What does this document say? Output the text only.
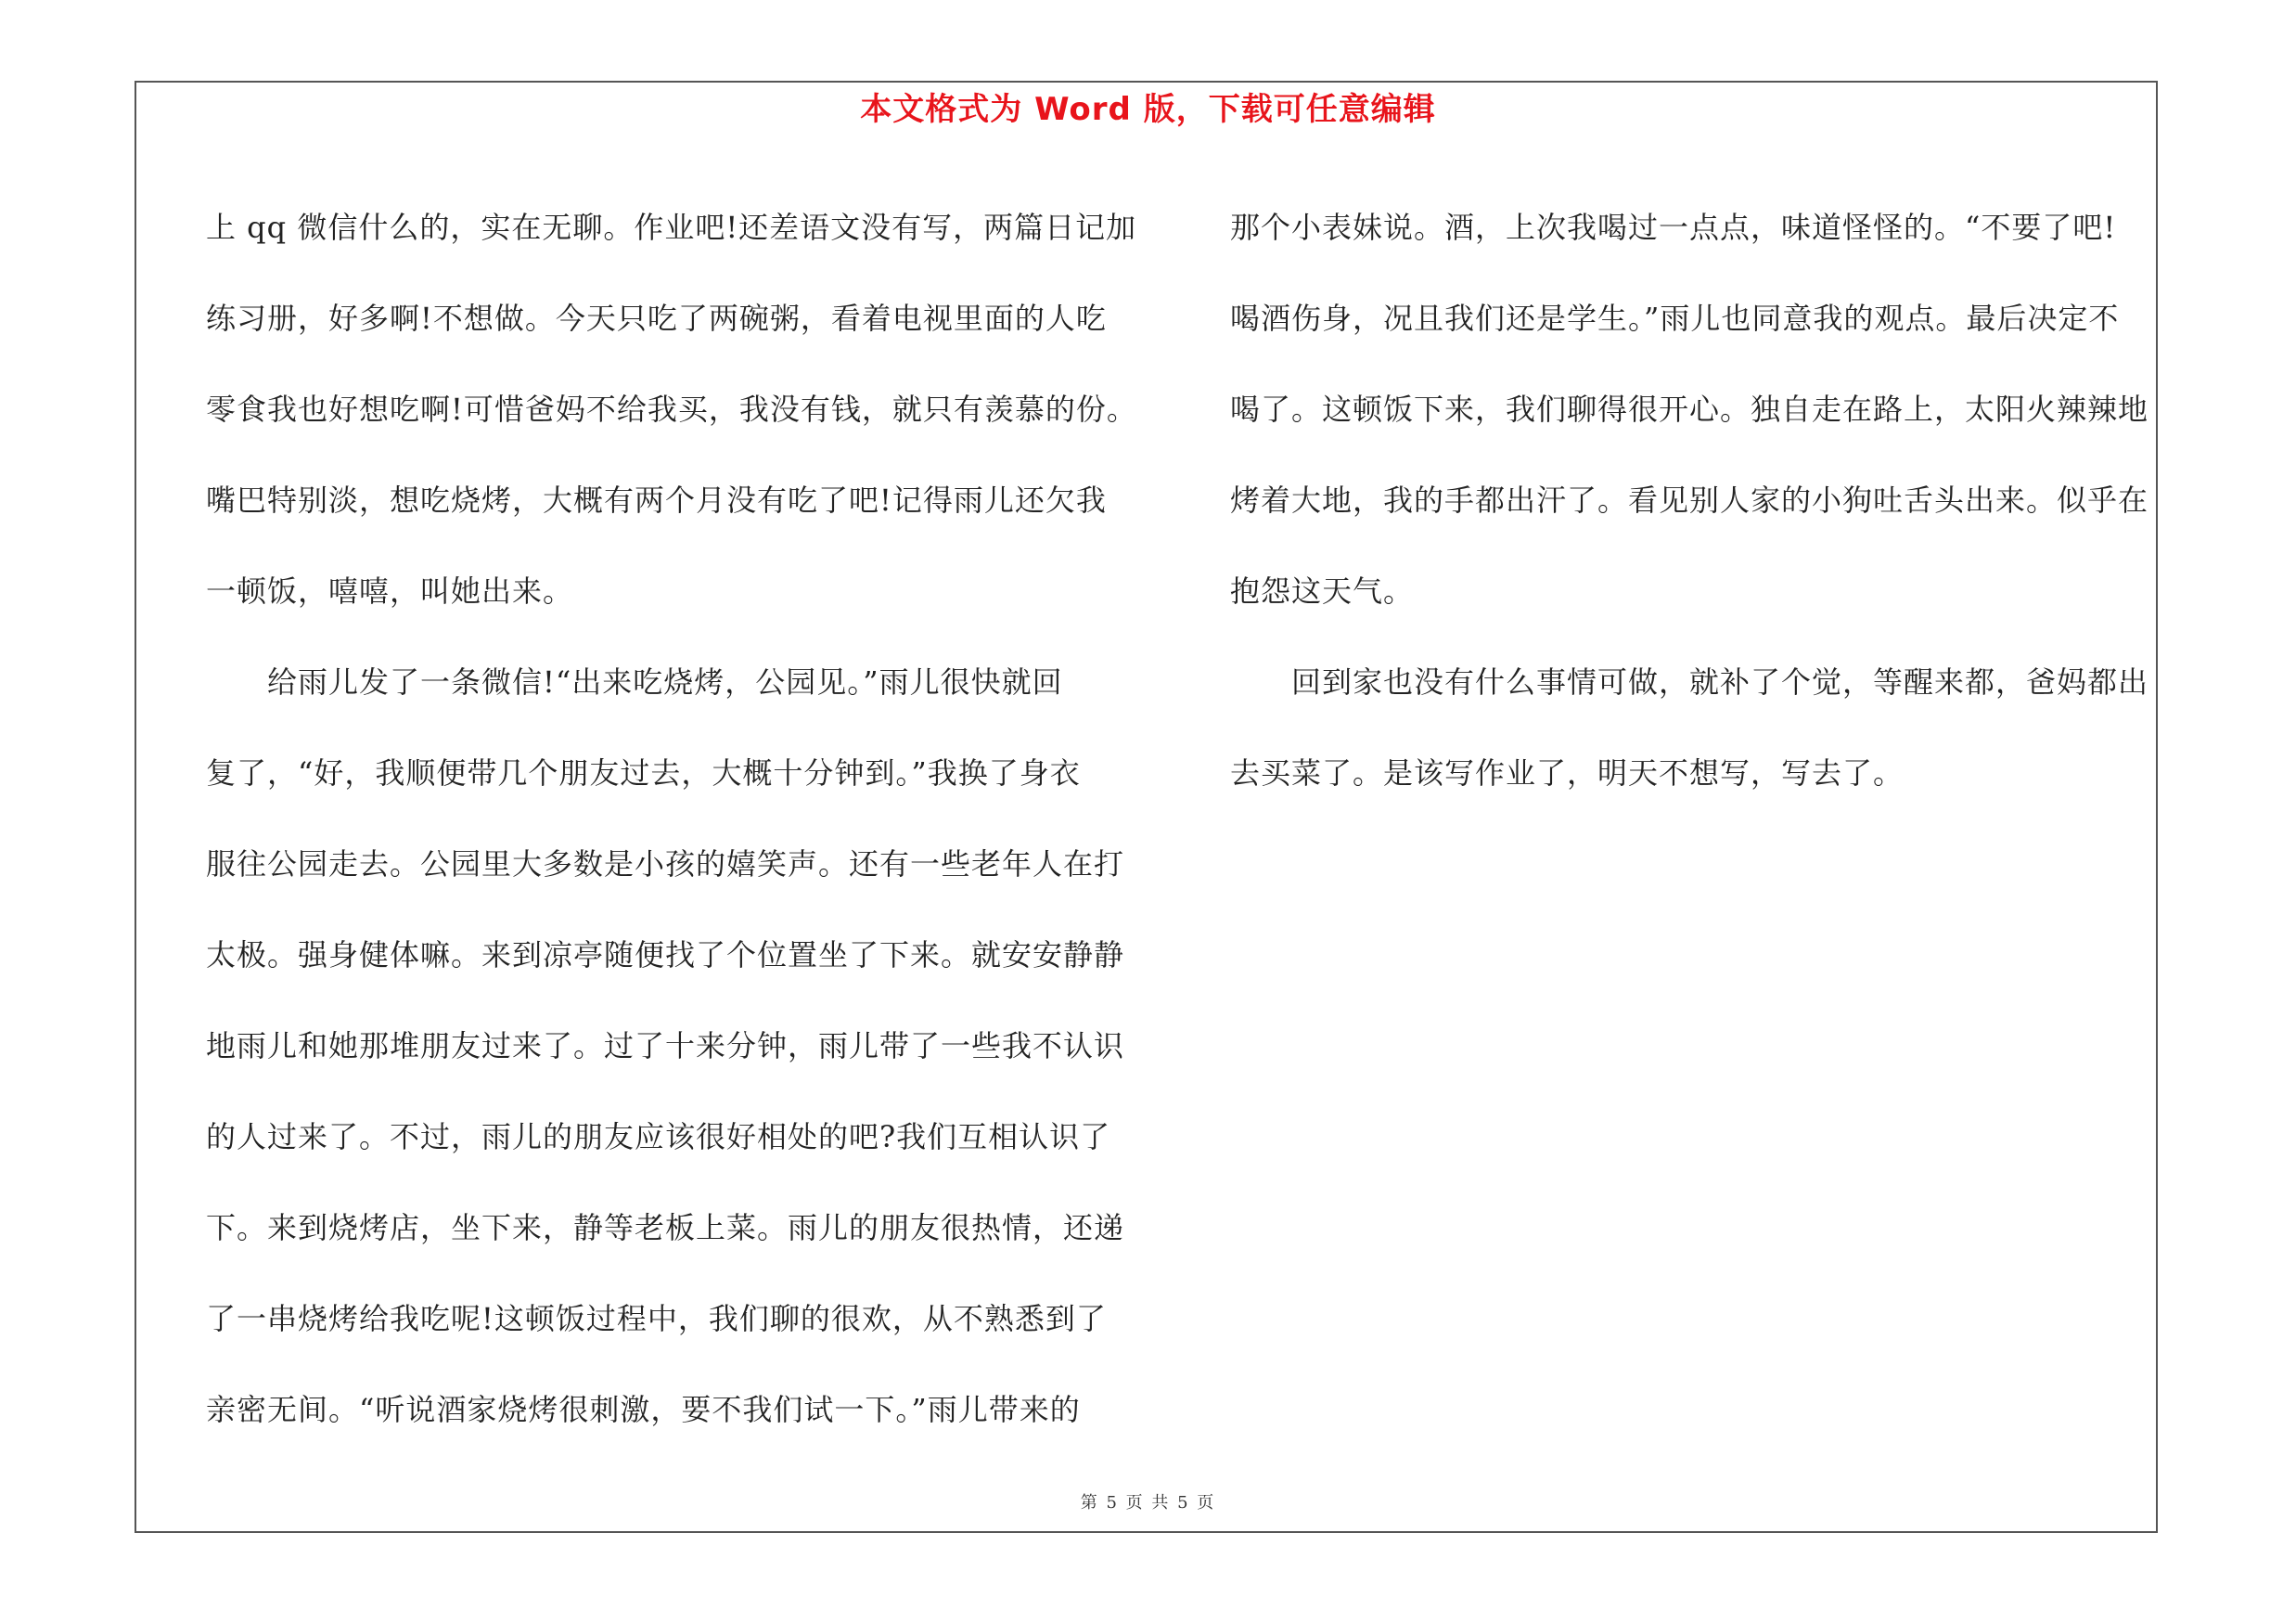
本文格式为 Word 版，下载可任意编辑
上 qq 微信什么的，实在无聊。作业吧!还差语文没有写，两篇日记加
练习册，好多啊!不想做。今天只吃了两碗粥，看着电视里面的人吃
零食我也好想吃啊!可惜爸妈不给我买，我没有钱，就只有羡慕的份。
嘴巴特别淡，想吃烧烤，大概有两个月没有吃了吧!记得雨儿还欠我
一顿饭，嘻嘻，叫她出来。
　　给雨儿发了一条微信!“出来吃烧烤，公园见。”雨儿很快就回
复了，“好，我顺便带几个朋友过去，大概十分钟到。”我换了身衣
服往公园走去。公园里大多数是小孩的嬉笑声。还有一些老年人在打
太极。强身健体嘛。来到凉亭随便找了个位置坐了下来。就安安静静
地雨儿和她那堆朋友过来了。过了十来分钟，雨儿带了一些我不认识
的人过来了。不过，雨儿的朋友应该很好相处的吧?我们互相认识了
下。来到烧烤店，坐下来，静等老板上菜。雨儿的朋友很热情，还递
了一串烧烤给我吃呢!这顿饭过程中，我们聊的很欢，从不熟悉到了
亲密无间。“听说酒家烧烤很刺激，要不我们试一下。”雨儿带来的
那个小表妹说。酒，上次我喝过一点点，味道怪怪的。“不要了吧!
喝酒伤身，况且我们还是学生。”雨儿也同意我的观点。最后决定不
喝了。这顿饭下来，我们聊得很开心。独自走在路上，太阳火辣辣地
烤着大地，我的手都出汗了。看见别人家的小狗吐舌头出来。似乎在
抱怨这天气。
　　回到家也没有什么事情可做，就补了个觉，等醒来都，爸妈都出
去买菜了。是该写作业了，明天不想写，写去了。
第 5 页 共 5 页
